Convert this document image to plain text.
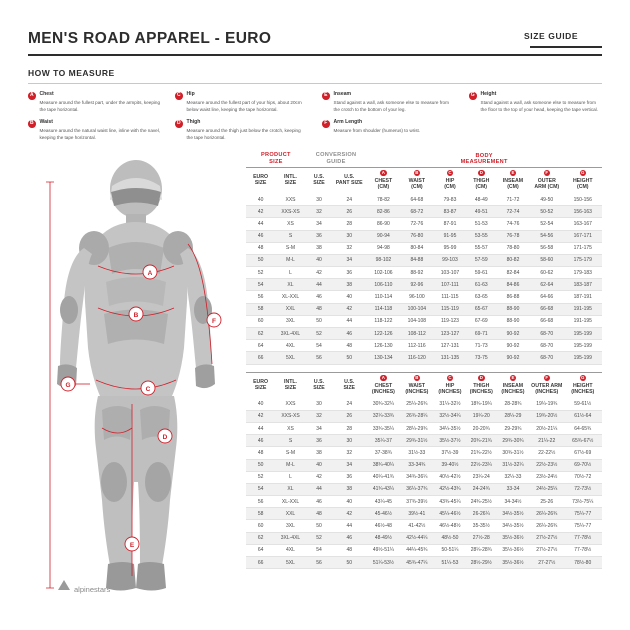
MEN'S ROAD APPAREL - EURO	SIZE GUIDE
HOW TO MEASURE
A	Chest
Measure around the fullest part, under the armpits, keeping the tape horizontal.
B	Waist
Measure around the natural waist line, inline with the navel, keeping the tape horizontal.
C	Hip
Measure around the fullest part of your hips, about 20cm below waist line, keeping the tape horizontal.
D	Thigh
Measure around the thigh just below the crotch, keeping the tape horizontal.
E	Inseam
Stand against a wall, ask someone else to measure from the crotch to the bottom of your leg.
F	Arm Length
Measure from shoulder (humerus) to wrist.
G	Height
Stand against a wall, ask someone else to measure from the floor to the top of your head, keeping the tape vertical.
A
B
C
D
E
F
G
alpinestars
PRODUCT
SIZE		CONVERSION
GUIDE		BODY
MEASUREMENT						
EURO
SIZE	INTL.
SIZE	U.S.
SIZE	U.S.
PANT SIZE	A
CHEST
(CM)	B
WAIST
(CM)	C
HIP
(CM)	D
THIGH
(CM)	E
INSEAM
(CM)	F
OUTER
ARM (CM)	G
HEIGHT
(CM)
40	XXS	30	24	78-82	64-68	79-83	48-49	71-72	49-50	150-156
42	XXS-XS	32	26	82-86	68-72	83-87	49-51	72-74	50-52	156-163
44	XS	34	28	86-90	72-76	87-91	51-53	74-76	52-54	163-167
46	S	36	30	90-94	76-80	91-95	53-55	76-78	54-56	167-171
48	S-M	38	32	94-98	80-84	95-99	55-57	78-80	56-58	171-175
50	M-L	40	34	98-102	84-88	99-103	57-59	80-82	58-60	175-179
52	L	42	36	102-106	88-92	103-107	59-61	82-84	60-62	179-183
54	XL	44	38	106-110	92-96	107-111	61-63	84-86	62-64	183-187
56	XL-XXL	46	40	110-114	96-100	111-115	63-65	86-88	64-66	187-191
58	XXL	48	42	114-118	100-104	115-119	65-67	88-90	66-68	191-195
60	3XL	50	44	118-122	104-108	119-123	67-69	88-90	66-68	191-195
62	3XL-4XL	52	46	122-126	108-112	123-127	69-71	90-92	68-70	195-199
64	4XL	54	48	126-130	112-116	127-131	71-73	90-92	68-70	195-199
66	5XL	56	50	130-134	116-120	131-135	73-75	90-92	68-70	195-199

EURO
SIZE	INTL.
SIZE	U.S.
SIZE	U.S.
SIZE	A
CHEST
(INCHES)	B
WAIST
(INCHES)	C
HIP
(INCHES)	D
THIGH
(INCHES)	E
INSEAM
(INCHES)	F
OUTER ARM
(INCHES)	G
HEIGHT
(INCHES)
40	XXS	30	24	30¾-32¼	25¼-26¾	31¼-32½	18¾-19¼	28-28¾	19¼-19¾	59-61½
42	XXS-XS	32	26	32¼-33¾	26¾-28¼	32½-34¼	19¼-20	28¼-29	19¾-20½	61½-64
44	XS	34	28	33¾-35¼	28¼-29¾	34¼-35½	20-20¾	29-29¾	20½-21¼	64-65¾
46	S	36	30	35¼-37	29¾-31½	35½-37½	20¾-21¾	29¾-30¾	21¼-22	65¾-67½
48	S-M	38	32	37-38¾	31½-33	37½-39	21¾-22½	30¾-31½	22-22½	67½-69
50	M-L	40	34	38¾-40¼	33-34¾	39-40½	22½-23¼	31½-32¼	22½-23½	69-70½
52	L	42	36	40¼-41¾	34¾-36¼	40½-42½	23¼-24	32¼-33	23½-24½	70½-72
54	XL	44	38	41¾-43¼	36¼-37¾	42½-43¾	24-24¾	33-34	24½-25¼	72-73½
56	XL-XXL	46	40	43¼-45	37¾-39½	43¾-45¼	24¾-25½	34-34½	25-26	73½-75¼
58	XXL	48	42	45-46½	39½-41	45¼-46½	26-26¼	34½-35½	26¼-26¾	75¼-77
60	3XL	50	44	46½-48	41-42½	46½-48½	35-35½	34½-35½	26¼-26¾	75¼-77
62	3XL-4XL	52	46	48-49½	42½-44¼	48½-50	27½-28	35½-36½	27½-27½	77-78½
64	4XL	54	48	49½-51¼	44¼-45¾	50-51¼	28¼-28¾	35½-36½	27½-27½	77-78½
66	5XL	56	50	51¼-53½	45¾-47¼	51¼-53	28½-29½	35½-36½	27-27½	78½-80
